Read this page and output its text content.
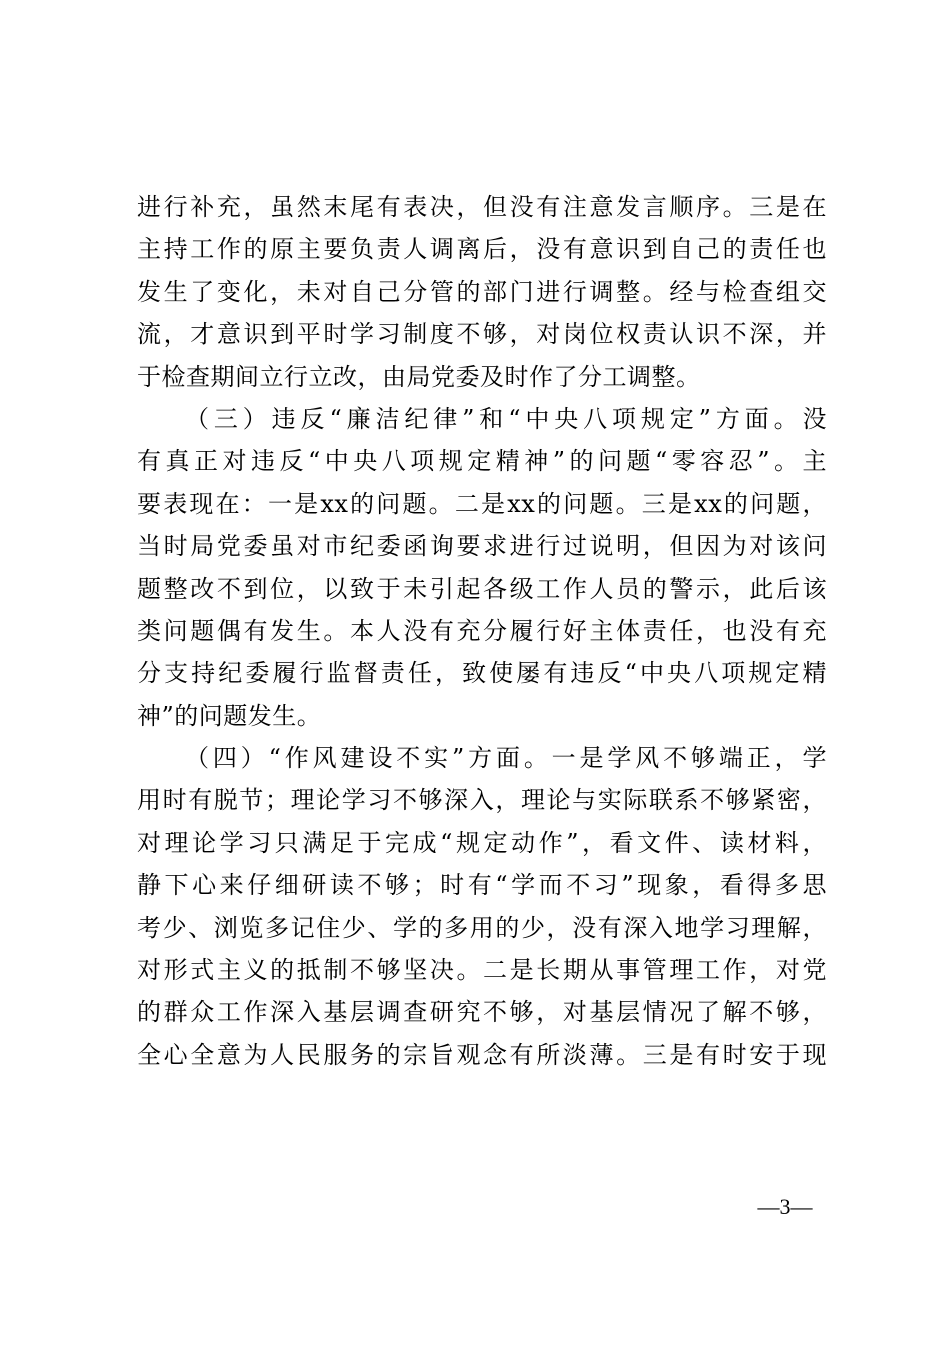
进行补充，虽然末尾有表决，但没有注意发言顺序。三是在
主持工作的原主要负责人调离后，没有意识到自己的责任也
发生了变化，未对自己分管的部门进行调整。经与检查组交
流，才意识到平时学习制度不够，对岗位权责认识不深，并
于检查期间立行立改，由局党委及时作了分工调整。
（三）违反“廉洁纪律”和“中央八项规定”方面。没
有真正对违反“中央八项规定精神”的问题“零容忍”。主
要表现在：一是xx的问题。二是xx的问题。三是xx的问题，
当时局党委虽对市纪委函询要求进行过说明，但因为对该问
题整改不到位，以致于未引起各级工作人员的警示，此后该
类问题偶有发生。本人没有充分履行好主体责任，也没有充
分支持纪委履行监督责任，致使屡有违反“中央八项规定精
神”的问题发生。
（四）“作风建设不实”方面。一是学风不够端正，学
用时有脱节；理论学习不够深入，理论与实际联系不够紧密，
对理论学习只满足于完成“规定动作”，看文件、读材料，
静下心来仔细研读不够；时有“学而不习”现象，看得多思
考少、浏览多记住少、学的多用的少，没有深入地学习理解，
对形式主义的抵制不够坚决。二是长期从事管理工作，对党
的群众工作深入基层调查研究不够，对基层情况了解不够，
全心全意为人民服务的宗旨观念有所淡薄。三是有时安于现
—3—
